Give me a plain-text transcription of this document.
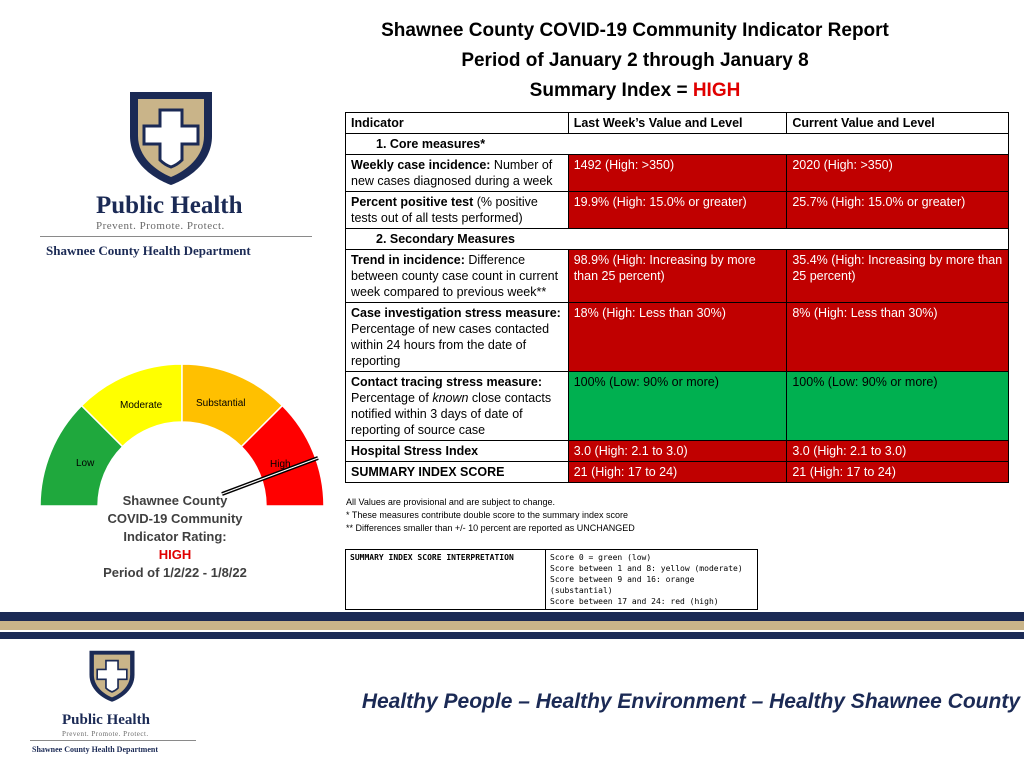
Shawnee County COVID-19 Community Indicator Report
Period of January 2 through January 8
Summary Index = HIGH
Public Health
Prevent. Promote. Protect.
Shawnee County Health Department
Low
Moderate	Substantial
High
Shawnee County
COVID-19 Community
Indicator Rating:
HIGH
Period of 1/2/22 - 1/8/22
Indicator	Last Week’s Value and Level	Current Value and Level
1. Core measures*		
Weekly case incidence: Number of new cases diagnosed during a week	1492 (High: >350)	2020 (High: >350)
Percent positive test (% positive tests out of all tests performed)	19.9% (High: 15.0% or greater)	25.7% (High: 15.0% or greater)
2. Secondary Measures		
Trend in incidence: Difference between county case count in current week compared to previous week**	98.9% (High: Increasing by more than 25 percent)	35.4% (High: Increasing by more than 25 percent)
Case investigation stress measure: Percentage of new cases contacted within 24 hours from the date of reporting	18% (High: Less than 30%)	8% (High: Less than 30%)
Contact tracing stress measure: Percentage of known close contacts notified within 3 days of date of reporting of source case	100% (Low: 90% or more)	100% (Low: 90% or more)
Hospital Stress Index	3.0 (High: 2.1 to 3.0)	3.0 (High: 2.1 to 3.0)
SUMMARY INDEX SCORE	21 (High: 17 to 24)	21 (High: 17 to 24)
All Values are provisional and are subject to change.
* These measures contribute double score to the summary index score
** Differences smaller than +/- 10 percent are reported as UNCHANGED
SUMMARY INDEX SCORE INTERPRETATION	Score 0 = green (low)
Score between 1 and 8: yellow (moderate)
Score between 9 and 16: orange (substantial)
Score between 17 and 24: red (high)
Public Health
Prevent. Promote. Protect.
Shawnee County Health Department
Healthy People – Healthy Environment – Healthy Shawnee County
